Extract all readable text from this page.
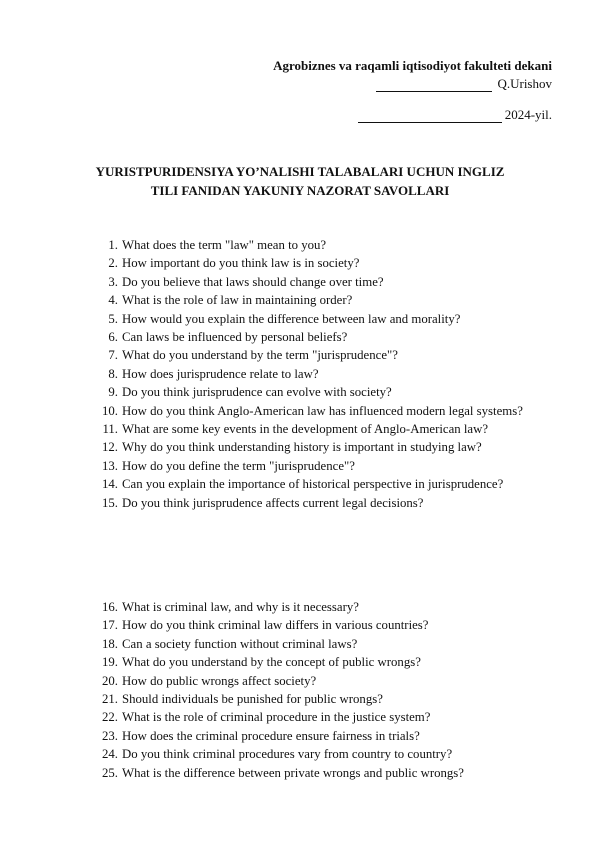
Agrobiznes va raqamli iqtisodiyot fakulteti dekani
Q.Urishov
2024-yil.
YURISTPURIDENSIYA YO’NALISHI TALABALARI UCHUN INGLIZ
TILI FANIDAN YAKUNIY NAZORAT SAVOLLARI
1. What does the term "law" mean to you?
2. How important do you think law is in society?
3. Do you believe that laws should change over time?
4. What is the role of law in maintaining order?
5. How would you explain the difference between law and morality?
6. Can laws be influenced by personal beliefs?
7. What do you understand by the term "jurisprudence"?
8. How does jurisprudence relate to law?
9. Do you think jurisprudence can evolve with society?
10. How do you think Anglo-American law has influenced modern legal systems?
11. What are some key events in the development of Anglo-American law?
12. Why do you think understanding history is important in studying law?
13. How do you define the term "jurisprudence"?
14. Can you explain the importance of historical perspective in jurisprudence?
15. Do you think jurisprudence affects current legal decisions?
16. What is criminal law, and why is it necessary?
17. How do you think criminal law differs in various countries?
18. Can a society function without criminal laws?
19. What do you understand by the concept of public wrongs?
20. How do public wrongs affect society?
21. Should individuals be punished for public wrongs?
22. What is the role of criminal procedure in the justice system?
23. How does the criminal procedure ensure fairness in trials?
24. Do you think criminal procedures vary from country to country?
25. What is the difference between private wrongs and public wrongs?
